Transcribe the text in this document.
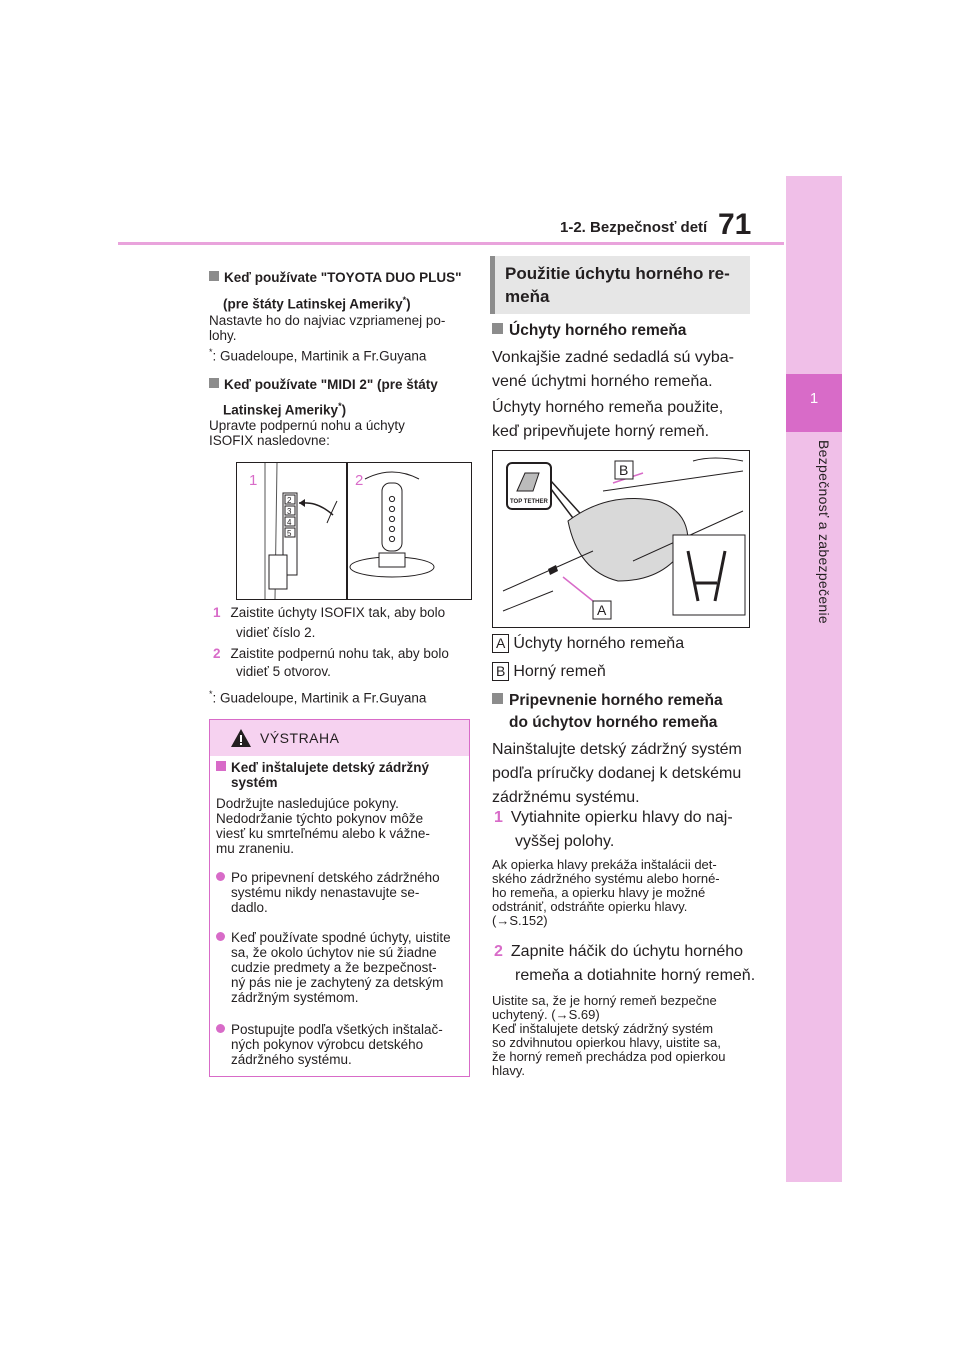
1-2. Bezpečnosť detí 71
1
Bezpečnosť a zabezpečenie
Keď používate "TOYOTA DUO PLUS"
(pre štáty Latinskej Ameriky*)
Nastavte ho do najviac vzpriamenej po-
lohy.
*: Guadeloupe, Martinik a Fr.Guyana
Keď používate "MIDI 2" (pre štáty
Latinskej Ameriky*)
Upravte podpernú nohu a úchyty
ISOFIX nasledovne:
1	2
2
3
4
5
1 Zaistite úchyty ISOFIX tak, aby bolo
vidieť číslo 2.
2 Zaistite podpernú nohu tak, aby bolo
vidieť 5 otvorov.
*: Guadeloupe, Martinik a Fr.Guyana
VÝSTRAHA
Keď inštalujete detský zádržný
systém
Dodržujte nasledujúce pokyny.
Nedodržanie týchto pokynov môže
viesť ku smrteľnému alebo k vážne-
mu zraneniu.
Po pripevnení detského zádržného
systému nikdy nenastavujte se-
dadlo.
Keď používate spodné úchyty, uistite
sa, že okolo úchytov nie sú žiadne
cudzie predmety a že bezpečnost-
ný pás nie je zachytený za detským
zádržným systémom.
Postupujte podľa všetkých inštalač-
ných pokynov výrobcu detského
zádržného systému.
Použitie úchytu horného re-
meňa
Úchyty horného remeňa
Vonkajšie zadné sedadlá sú vyba-
vené úchytmi horného remeňa.
Úchyty horného remeňa použite,
keď pripevňujete horný remeň.
TOP TETHER
A
B
A Úchyty horného remeňa
B Horný remeň
Pripevnenie horného remeňa
do úchytov horného remeňa
Nainštalujte detský zádržný systém
podľa príručky dodanej k detskému
zádržnému systému.
1 Vytiahnite opierku hlavy do naj-
vyššej polohy.
Ak opierka hlavy prekáža inštalácii det-
ského zádržného systému alebo horné-
ho remeňa, a opierku hlavy je možné
odstrániť, odstráňte opierku hlavy.
(→S.152)
2 Zapnite háčik do úchytu horného
remeňa a dotiahnite horný remeň.
Uistite sa, že je horný remeň bezpečne
uchytený. (→S.69)
Keď inštalujete detský zádržný systém
so zdvihnutou opierkou hlavy, uistite sa,
že horný remeň prechádza pod opierkou
hlavy.
